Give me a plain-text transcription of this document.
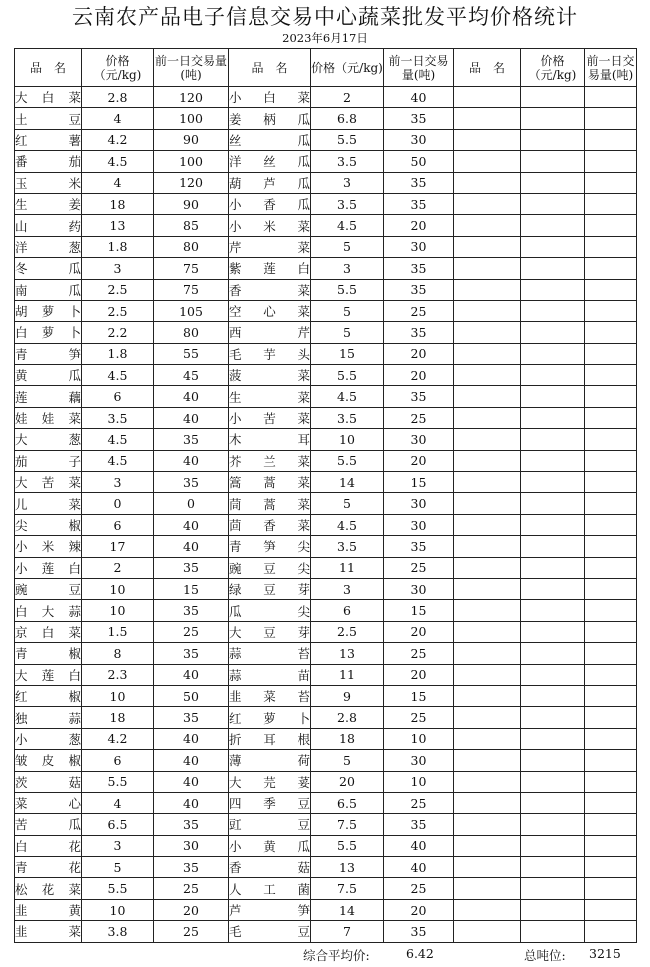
云南农产品电子信息交易中心蔬菜批发平均价格统计
2023年6月17日
品　名	价格（元/kg)	前一日交易量(吨)	品　名	价格（元/kg)	前一日交易量(吨)	品　名	价格（元/kg)	前一日交易量(吨)
大白菜	2.8	120	小白菜	2	40			
土豆	4	100	姜柄瓜	6.8	35			
红薯	4.2	90	丝瓜	5.5	30			
番茄	4.5	100	洋丝瓜	3.5	50			
玉米	4	120	葫芦瓜	3	35			
生姜	18	90	小香瓜	3.5	35			
山药	13	85	小米菜	4.5	20			
洋葱	1.8	80	芹菜	5	30			
冬瓜	3	75	紫莲白	3	35			
南瓜	2.5	75	香菜	5.5	35			
胡萝卜	2.5	105	空心菜	5	25			
白萝卜	2.2	80	西芹	5	35			
青笋	1.8	55	毛芋头	15	20			
黄瓜	4.5	45	菠菜	5.5	20			
莲藕	6	40	生菜	4.5	35			
娃娃菜	3.5	40	小苦菜	3.5	25			
大葱	4.5	35	木耳	10	30			
茄子	4.5	40	芥兰菜	5.5	20			
大苦菜	3	35	篙蒿菜	14	15			
儿菜	0	0	茼蒿菜	5	30			
尖椒	6	40	茴香菜	4.5	30			
小米辣	17	40	青笋尖	3.5	35			
小莲白	2	35	豌豆尖	11	25			
豌豆	10	15	绿豆芽	3	30			
白大蒜	10	35	瓜尖	6	15			
京白菜	1.5	25	大豆芽	2.5	20			
青椒	8	35	蒜苔	13	25			
大莲白	2.3	40	蒜苗	11	20			
红椒	10	50	韭菜苔	9	15			
独蒜	18	35	红萝卜	2.8	25			
小葱	4.2	40	折耳根	18	10			
皱皮椒	6	40	薄荷	5	30			
茨菇	5.5	40	大芫荽	20	10			
菜心	4	40	四季豆	6.5	25			
苦瓜	6.5	35	豇豆	7.5	35			
白花	3	30	小黄瓜	5.5	40			
青花	5	35	香菇	13	40			
松花菜	5.5	25	人工菌	7.5	25			
韭黄	10	20	芦笋	14	20			
韭菜	3.8	25	毛豆	7	35			
综合平均价:	6.42	总吨位: 3215
